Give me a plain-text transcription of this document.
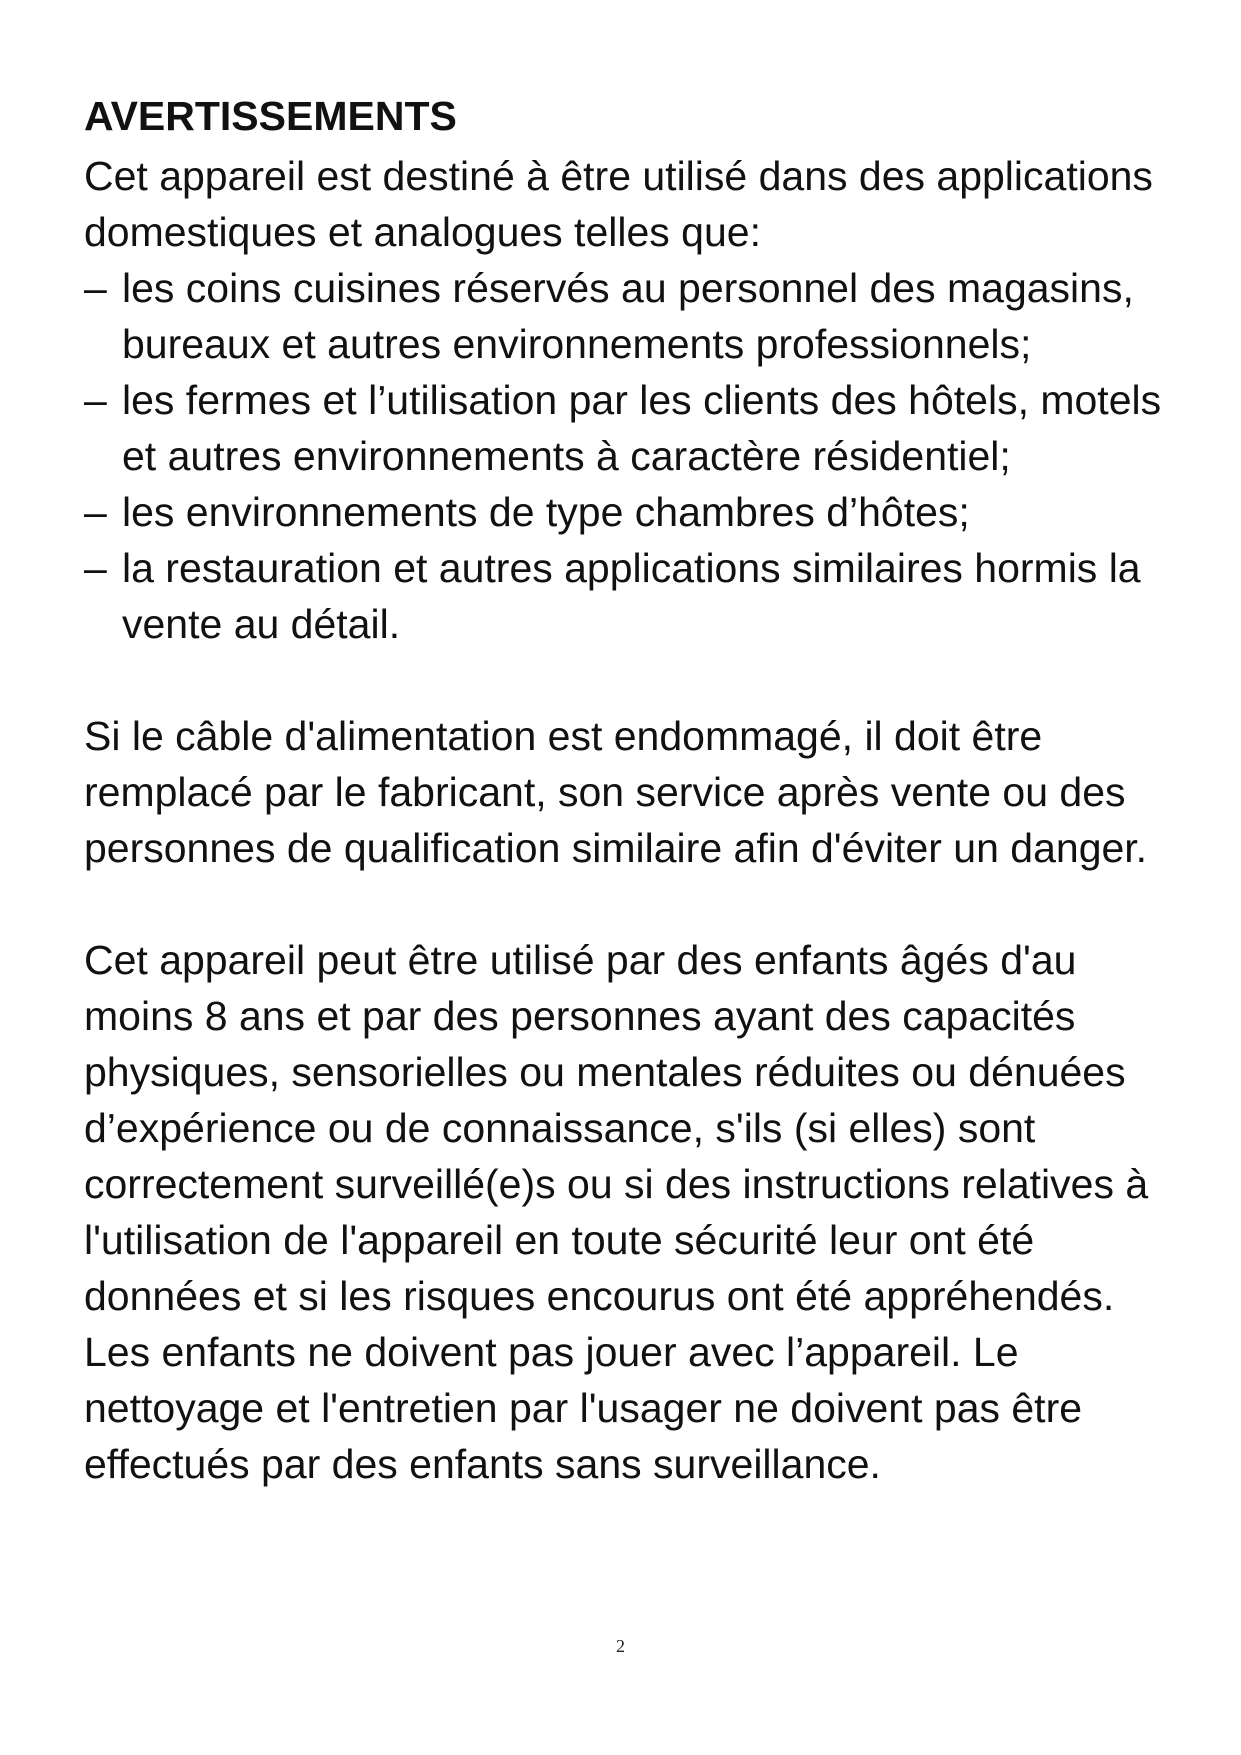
AVERTISSEMENTS

Cet appareil est destiné à être utilisé dans des applications domestiques et analogues telles que:

– les coins cuisines réservés au personnel des magasins, bureaux et autres environnements professionnels;
– les fermes et l’utilisation par les clients des hôtels, motels et autres environnements à caractère résidentiel;
– les environnements de type chambres d’hôtes;
– la restauration et autres applications similaires hormis la vente au détail.

Si le câble d'alimentation est endommagé, il doit être remplacé par le fabricant, son service après vente ou des personnes de qualification similaire afin d'éviter un danger.

Cet appareil peut être utilisé par des enfants âgés d'au moins 8 ans et par des personnes ayant des capacités physiques, sensorielles ou mentales réduites ou dénuées d’expérience ou de connaissance, s'ils (si elles) sont correctement surveillé(e)s ou si des instructions relatives à l'utilisation de l'appareil en toute sécurité leur ont été données et si les risques encourus ont été appréhendés. Les enfants ne doivent pas jouer avec l’appareil. Le nettoyage et l'entretien par l'usager ne doivent pas être effectués par des enfants sans surveillance.

2
